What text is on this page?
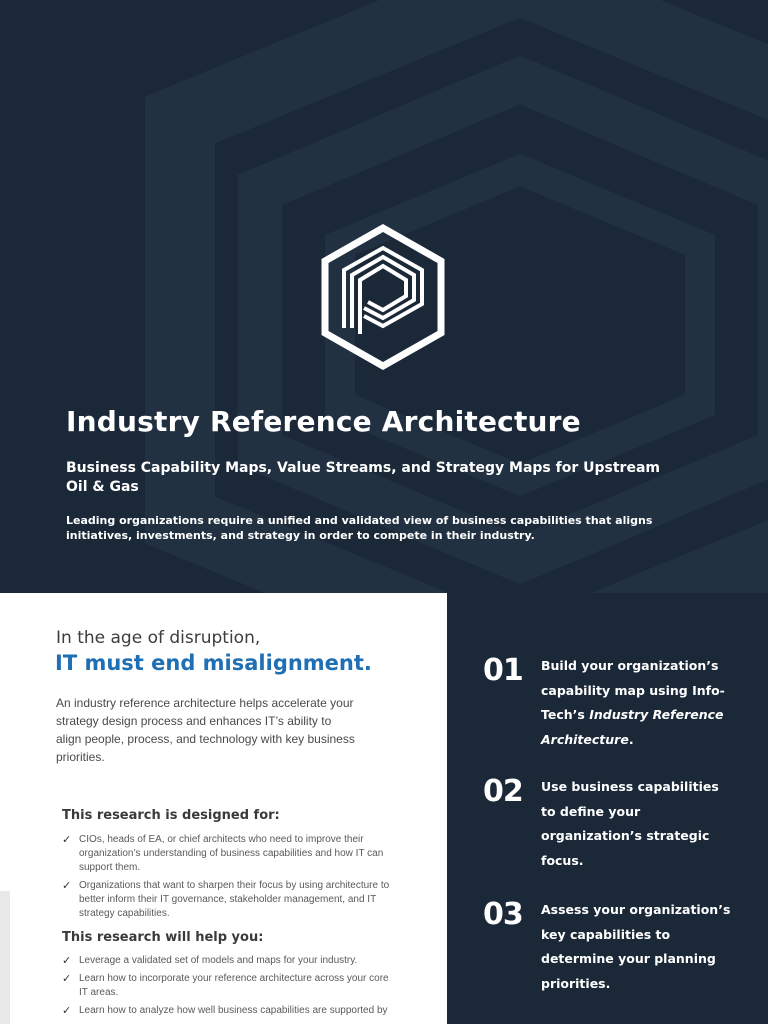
Industry Reference Architecture
Business Capability Maps, Value Streams, and Strategy Maps for Upstream Oil & Gas
Leading organizations require a unified and validated view of business capabilities that aligns initiatives, investments, and strategy in order to compete in their industry.
In the age of disruption,
IT must end misalignment.

An industry reference architecture helps accelerate your strategy design process and enhances IT’s ability to align people, process, and technology with key business priorities.

This research is designed for:
✓ CIOs, heads of EA, or chief architects who need to improve their organization’s understanding of business capabilities and how IT can support them.
✓ Organizations that want to sharpen their focus by using architecture to better inform their IT governance, stakeholder management, and IT strategy capabilities.
This research will help you:
✓ Leverage a validated set of models and maps for your industry.
✓ Learn how to incorporate your reference architecture across your core IT areas.
✓ Learn how to analyze how well business capabilities are supported by
01 Build your organization’s capability map using Info-Tech’s Industry Reference Architecture.
02 Use business capabilities to define your organization’s strategic focus.
03 Assess your organization’s key capabilities to determine your planning priorities.
